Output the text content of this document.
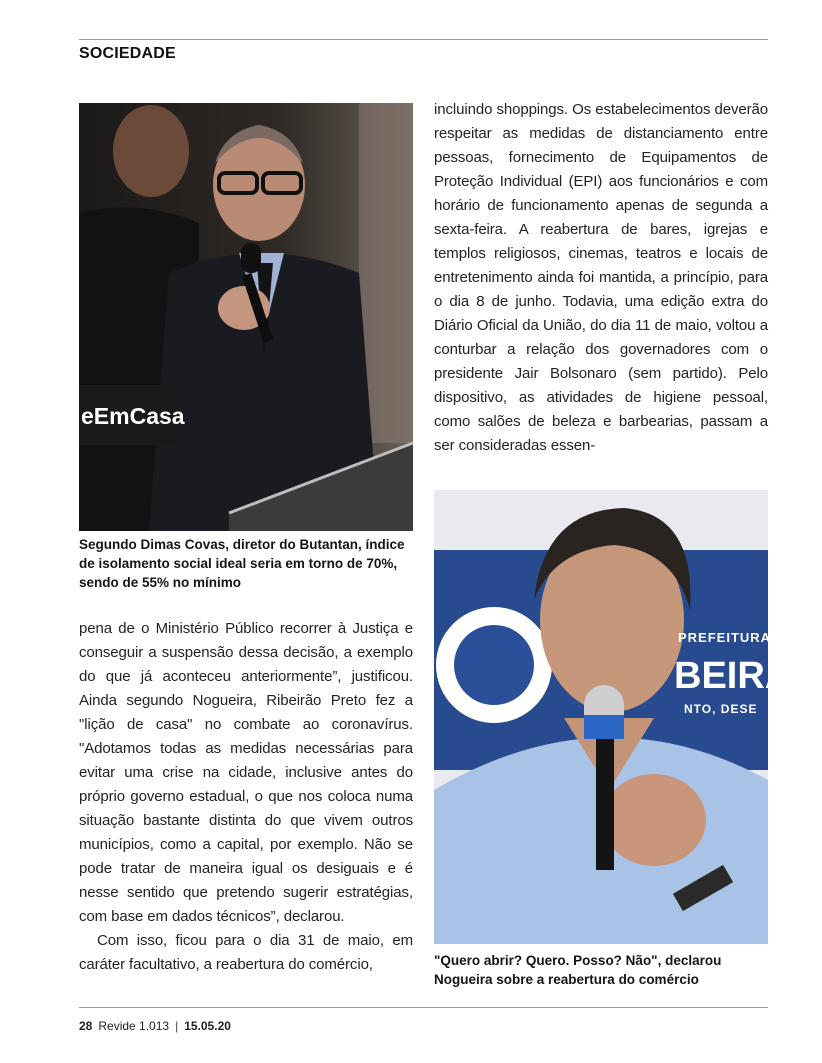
SOCIEDADE
eEmCasa

Segundo Dimas Covas, diretor do Butantan, índice de isolamento social ideal seria em torno de 70%, sendo de 55% no mínimo

incluindo shoppings. Os estabelecimentos deverão respeitar as medidas de distanciamento entre pessoas, fornecimento de Equipamentos de Proteção Individual (EPI) aos funcionários e com horário de funcionamento apenas de segunda a sexta-feira. A reabertura de bares, igrejas e templos religiosos, cinemas, teatros e locais de entretenimento ainda foi mantida, a princípio, para o dia 8 de junho. Todavia, uma edição extra do Diário Oficial da União, do dia 11 de maio, voltou a conturbar a relação dos governadores com o presidente Jair Bolsonaro (sem partido). Pelo dispositivo, as atividades de higiene pessoal, como salões de beleza e barbearias, passam a ser consideradas essen-

PREFEITURA
BEIRÃO
NTO, DESE

pena de o Ministério Público recorrer à Justiça e conseguir a suspensão dessa decisão, a exemplo do que já aconteceu anteriormente”, justificou. Ainda segundo Nogueira, Ribeirão Preto fez a "lição de casa" no combate ao coronavírus. "Adotamos todas as medidas necessárias para evitar uma crise na cidade, inclusive antes do próprio governo estadual, o que nos coloca numa situação bastante distinta do que vivem outros municípios, como a capital, por exemplo. Não se pode tratar de maneira igual os desiguais e é nesse sentido que pretendo sugerir estratégias, com base em dados técnicos”, declarou.

Com isso, ficou para o dia 31 de maio, em caráter facultativo, a reabertura do comércio,	"Quero abrir? Quero. Posso? Não", declarou Nogueira sobre a reabertura do comércio

28 Revide 1.013 | 15.05.20
